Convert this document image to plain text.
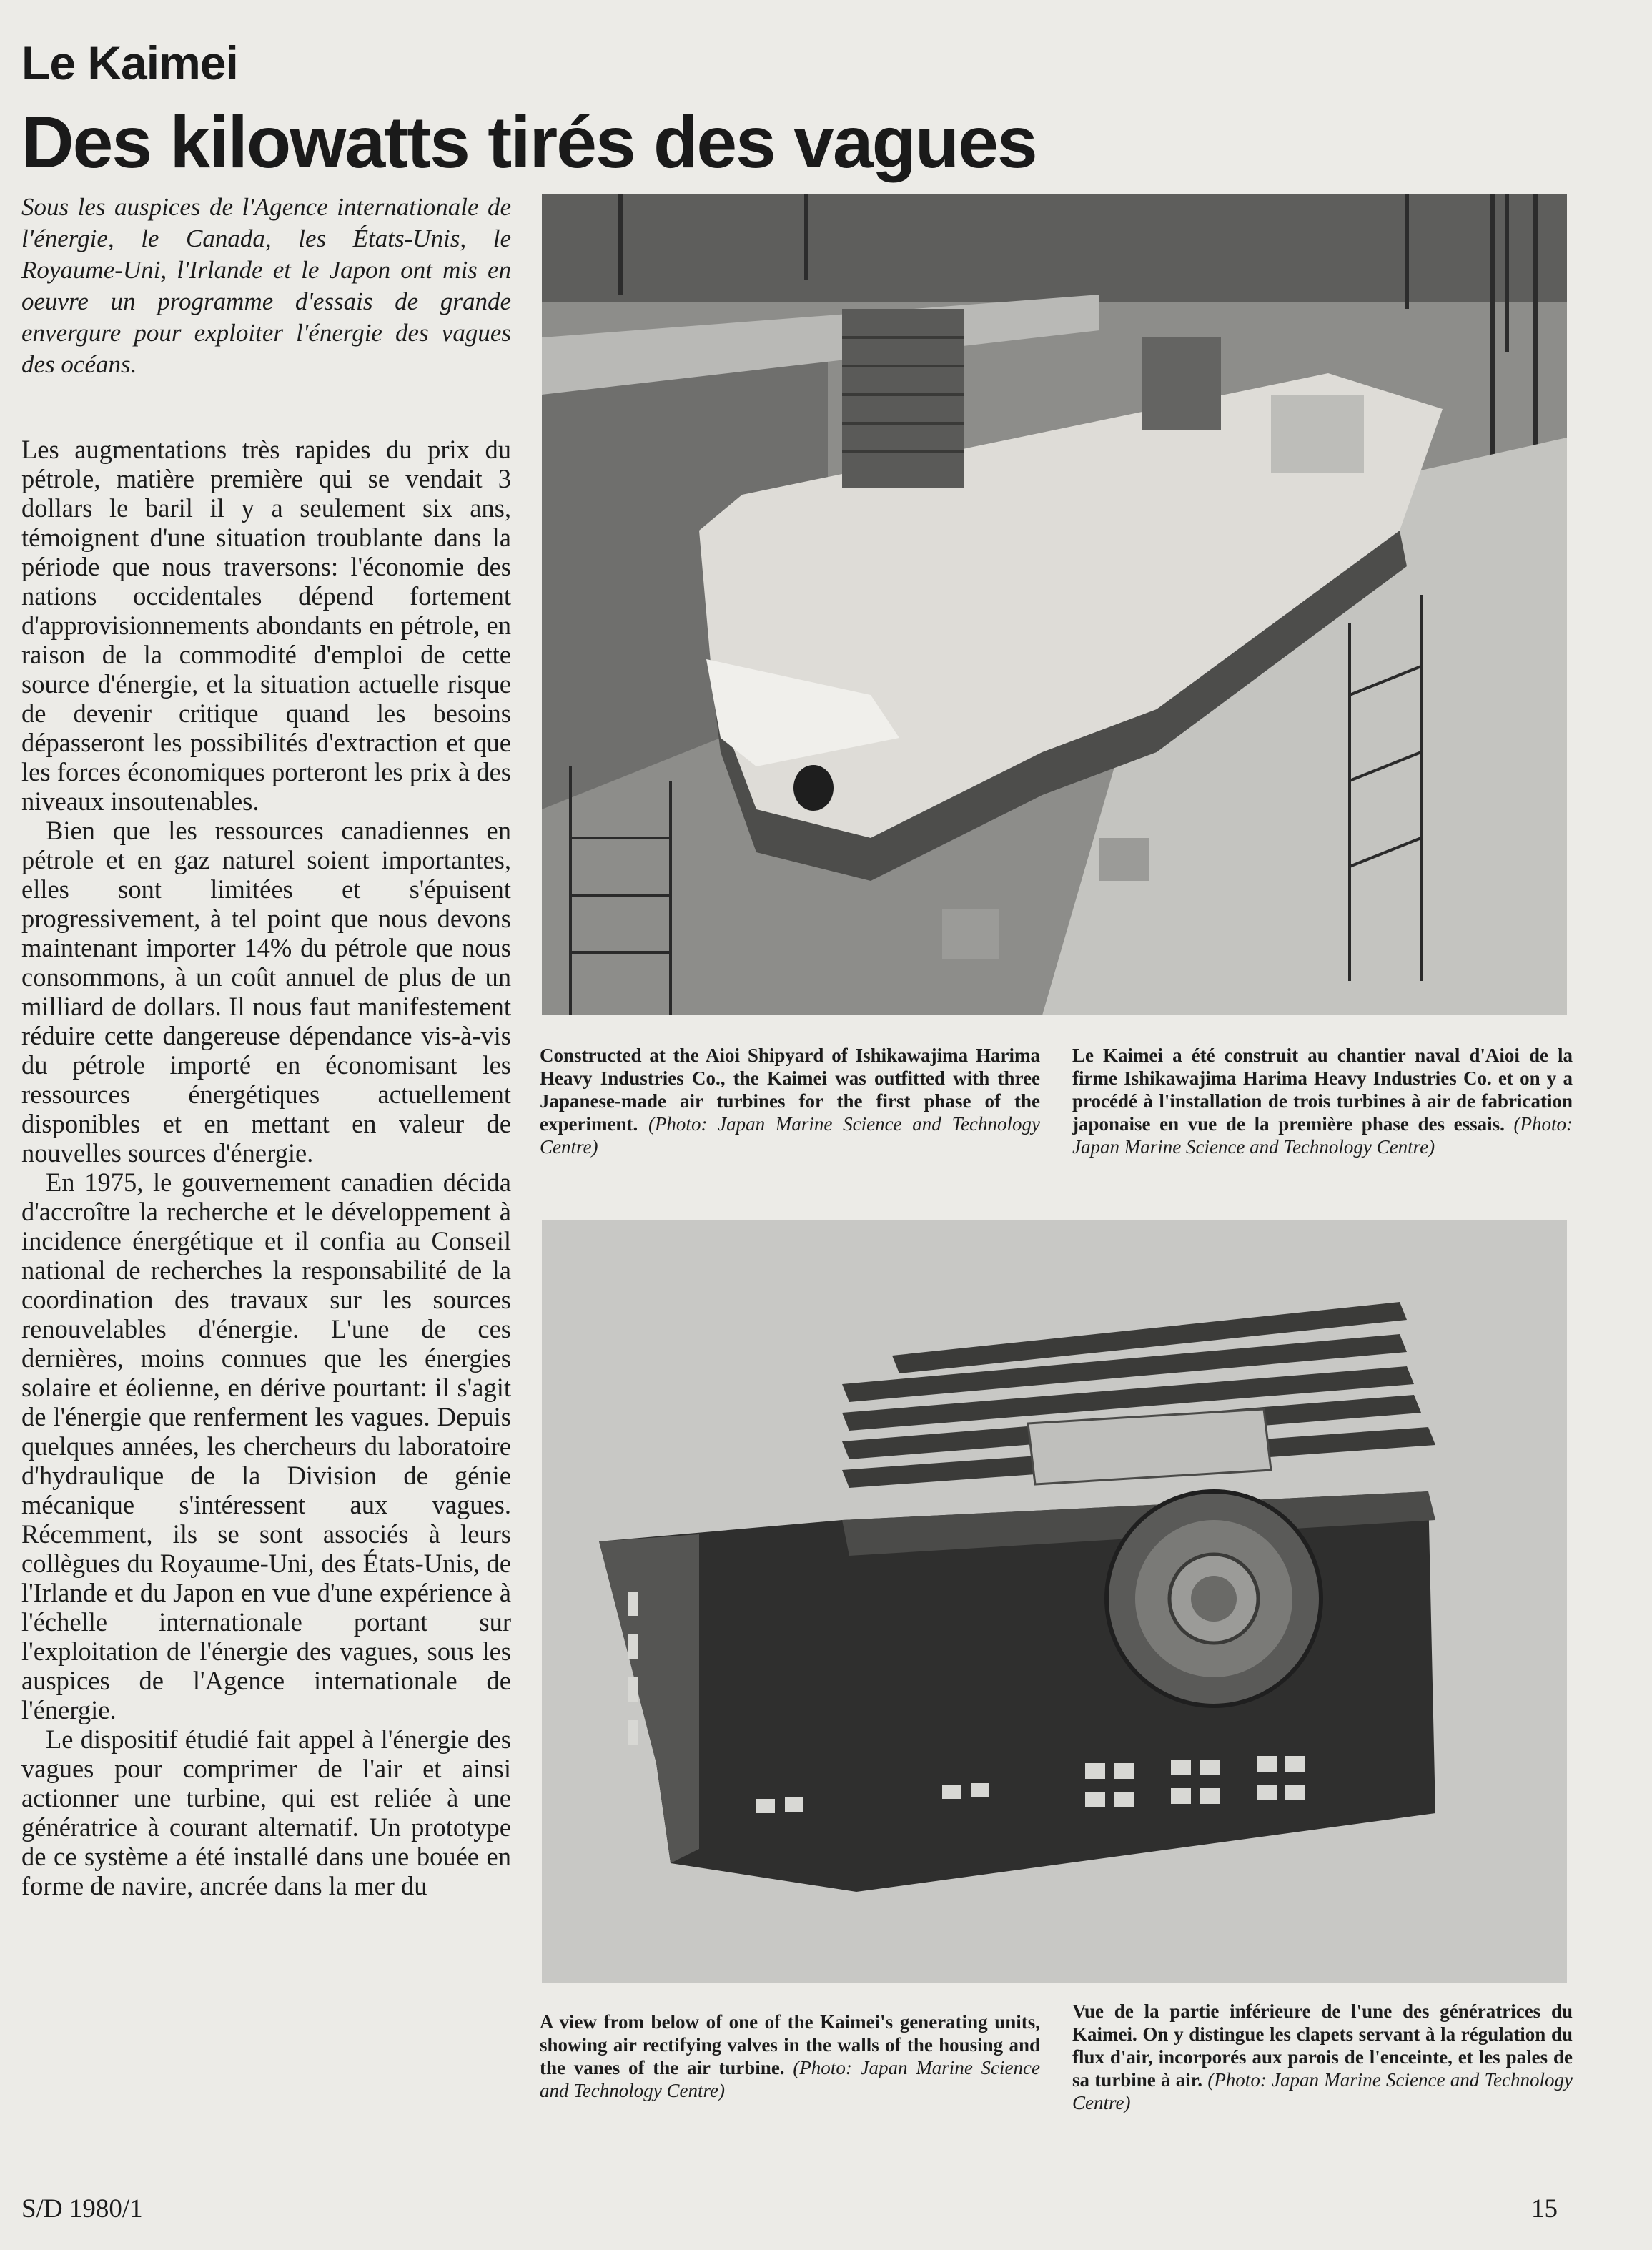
Le Kaimei
Des kilowatts tirés des vagues

Sous les auspices de l'Agence internationale de l'énergie, le Canada, les États-Unis, le Royaume-Uni, l'Irlande et le Japon ont mis en oeuvre un programme d'essais de grande envergure pour exploiter l'énergie des vagues des océans.

Les augmentations très rapides du prix du pétrole, matière première qui se vendait 3 dollars le baril il y a seulement six ans, témoignent d'une situation troublante dans la période que nous traversons: l'économie des nations occidentales dépend fortement d'approvisionnements abondants en pétrole, en raison de la commodité d'emploi de cette source d'énergie, et la situation actuelle risque de devenir critique quand les besoins dépasseront les possibilités d'extraction et que les forces économiques porteront les prix à des niveaux insoutenables.

Bien que les ressources canadiennes en pétrole et en gaz naturel soient importantes, elles sont limitées et s'épuisent progressivement, à tel point que nous devons maintenant importer 14% du pétrole que nous consommons, à un coût annuel de plus de un milliard de dollars. Il nous faut manifestement réduire cette dangereuse dépendance vis-à-vis du pétrole importé en économisant les ressources énergétiques actuellement disponibles et en mettant en valeur de nouvelles sources d'énergie.

En 1975, le gouvernement canadien décida d'accroître la recherche et le développement à incidence énergétique et il confia au Conseil national de recherches la responsabilité de la coordination des travaux sur les sources renouvelables d'énergie. L'une de ces dernières, moins connues que les énergies solaire et éolienne, en dérive pourtant: il s'agit de l'énergie que renferment les vagues. Depuis quelques années, les chercheurs du laboratoire d'hydraulique de la Division de génie mécanique s'intéressent aux vagues. Récemment, ils se sont associés à leurs collègues du Royaume-Uni, des États-Unis, de l'Irlande et du Japon en vue d'une expérience à l'échelle internationale portant sur l'exploitation de l'énergie des vagues, sous les auspices de l'Agence internationale de l'énergie.

Le dispositif étudié fait appel à l'énergie des vagues pour comprimer de l'air et ainsi actionner une turbine, qui est reliée à une génératrice à courant alternatif. Un prototype de ce système a été installé dans une bouée en forme de navire, ancrée dans la mer du

Constructed at the Aioi Shipyard of Ishikawajima Harima Heavy Industries Co., the Kaimei was outfitted with three Japanese-made air turbines for the first phase of the experiment. (Photo: Japan Marine Science and Technology Centre)

Le Kaimei a été construit au chantier naval d'Aioi de la firme Ishikawajima Harima Heavy Industries Co. et on y a procédé à l'installation de trois turbines à air de fabrication japonaise en vue de la première phase des essais. (Photo: Japan Marine Science and Technology Centre)

A view from below of one of the Kaimei's generating units, showing air rectifying valves in the walls of the housing and the vanes of the air turbine. (Photo: Japan Marine Science and Technology Centre)

Vue de la partie inférieure de l'une des génératrices du Kaimei. On y distingue les clapets servant à la régulation du flux d'air, incorporés aux parois de l'enceinte, et les pales de sa turbine à air. (Photo: Japan Marine Science and Technology Centre)

S/D 1980/1	15
